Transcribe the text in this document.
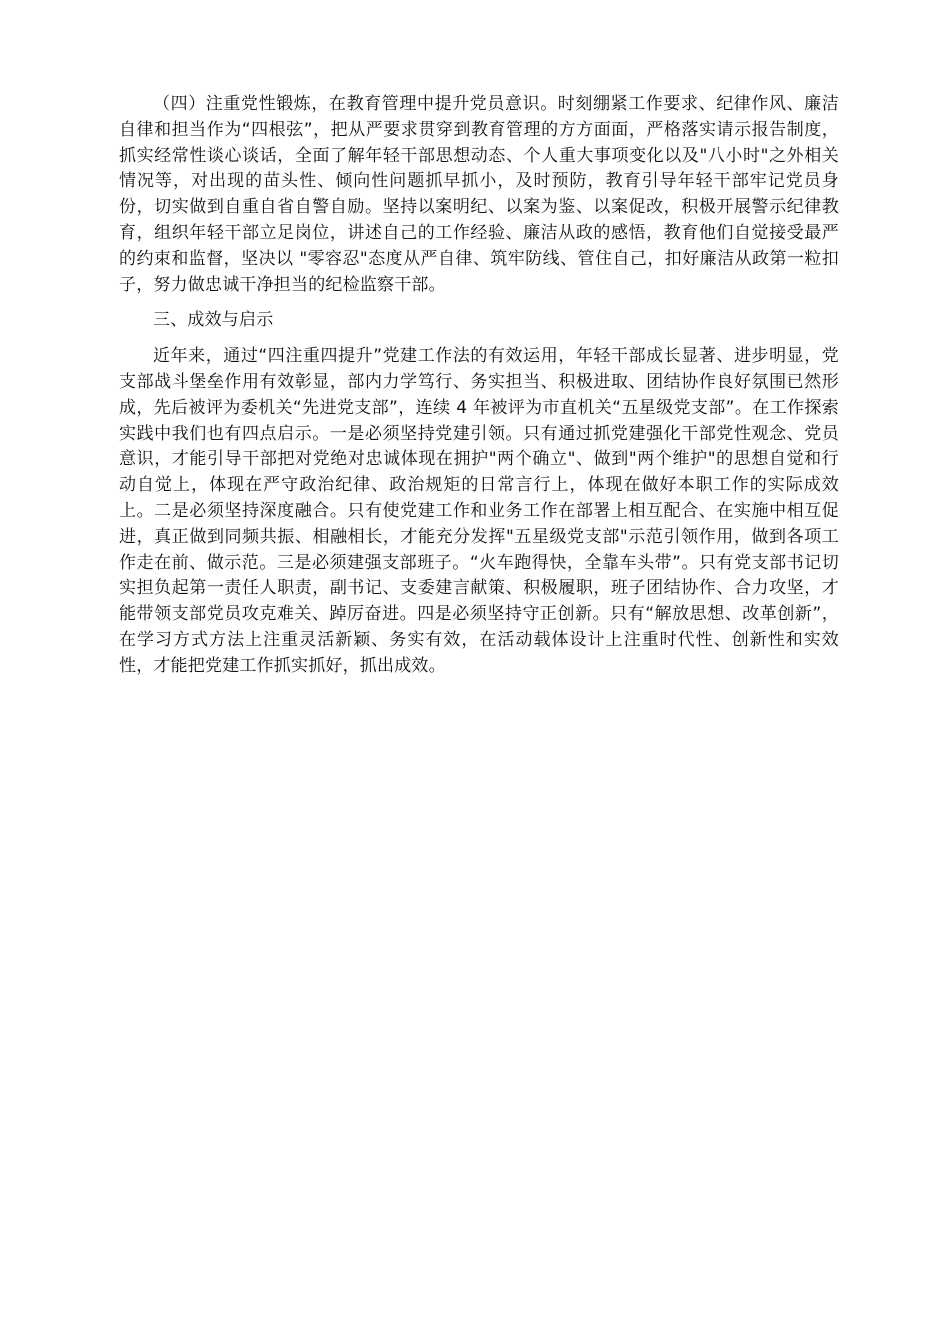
（四）注重党性锻炼，在教育管理中提升党员意识。时刻绷紧工作要求、纪律作风、廉洁自律和担当作为“四根弦”，把从严要求贯穿到教育管理的方方面面，严格落实请示报告制度，抓实经常性谈心谈话，全面了解年轻干部思想动态、个人重大事项变化以及"八小时"之外相关情况等，对出现的苗头性、倾向性问题抓早抓小，及时预防，教育引导年轻干部牢记党员身份，切实做到自重自省自警自励。坚持以案明纪、以案为鉴、以案促改，积极开展警示纪律教育，组织年轻干部立足岗位，讲述自己的工作经验、廉洁从政的感悟，教育他们自觉接受最严的约束和监督，坚决以 "零容忍"态度从严自律、筑牢防线、管住自己，扣好廉洁从政第一粒扣子，努力做忠诚干净担当的纪检监察干部。

三、成效与启示

近年来，通过“四注重四提升”党建工作法的有效运用，年轻干部成长显著、进步明显，党支部战斗堡垒作用有效彰显，部内力学笃行、务实担当、积极进取、团结协作良好氛围已然形成，先后被评为委机关“先进党支部”，连续 4 年被评为市直机关“五星级党支部”。在工作探索实践中我们也有四点启示。一是必须坚持党建引领。只有通过抓党建强化干部党性观念、党员意识，才能引导干部把对党绝对忠诚体现在拥护"两个确立"、做到"两个维护"的思想自觉和行动自觉上，体现在严守政治纪律、政治规矩的日常言行上，体现在做好本职工作的实际成效上。二是必须坚持深度融合。只有使党建工作和业务工作在部署上相互配合、在实施中相互促进，真正做到同频共振、相融相长，才能充分发挥"五星级党支部"示范引领作用，做到各项工作走在前、做示范。三是必须建强支部班子。“火车跑得快，全靠车头带”。只有党支部书记切实担负起第一责任人职责，副书记、支委建言献策、积极履职，班子团结协作、合力攻坚，才能带领支部党员攻克难关、踔厉奋进。四是必须坚持守正创新。只有“解放思想、改革创新”，在学习方式方法上注重灵活新颖、务实有效，在活动载体设计上注重时代性、创新性和实效性，才能把党建工作抓实抓好，抓出成效。
